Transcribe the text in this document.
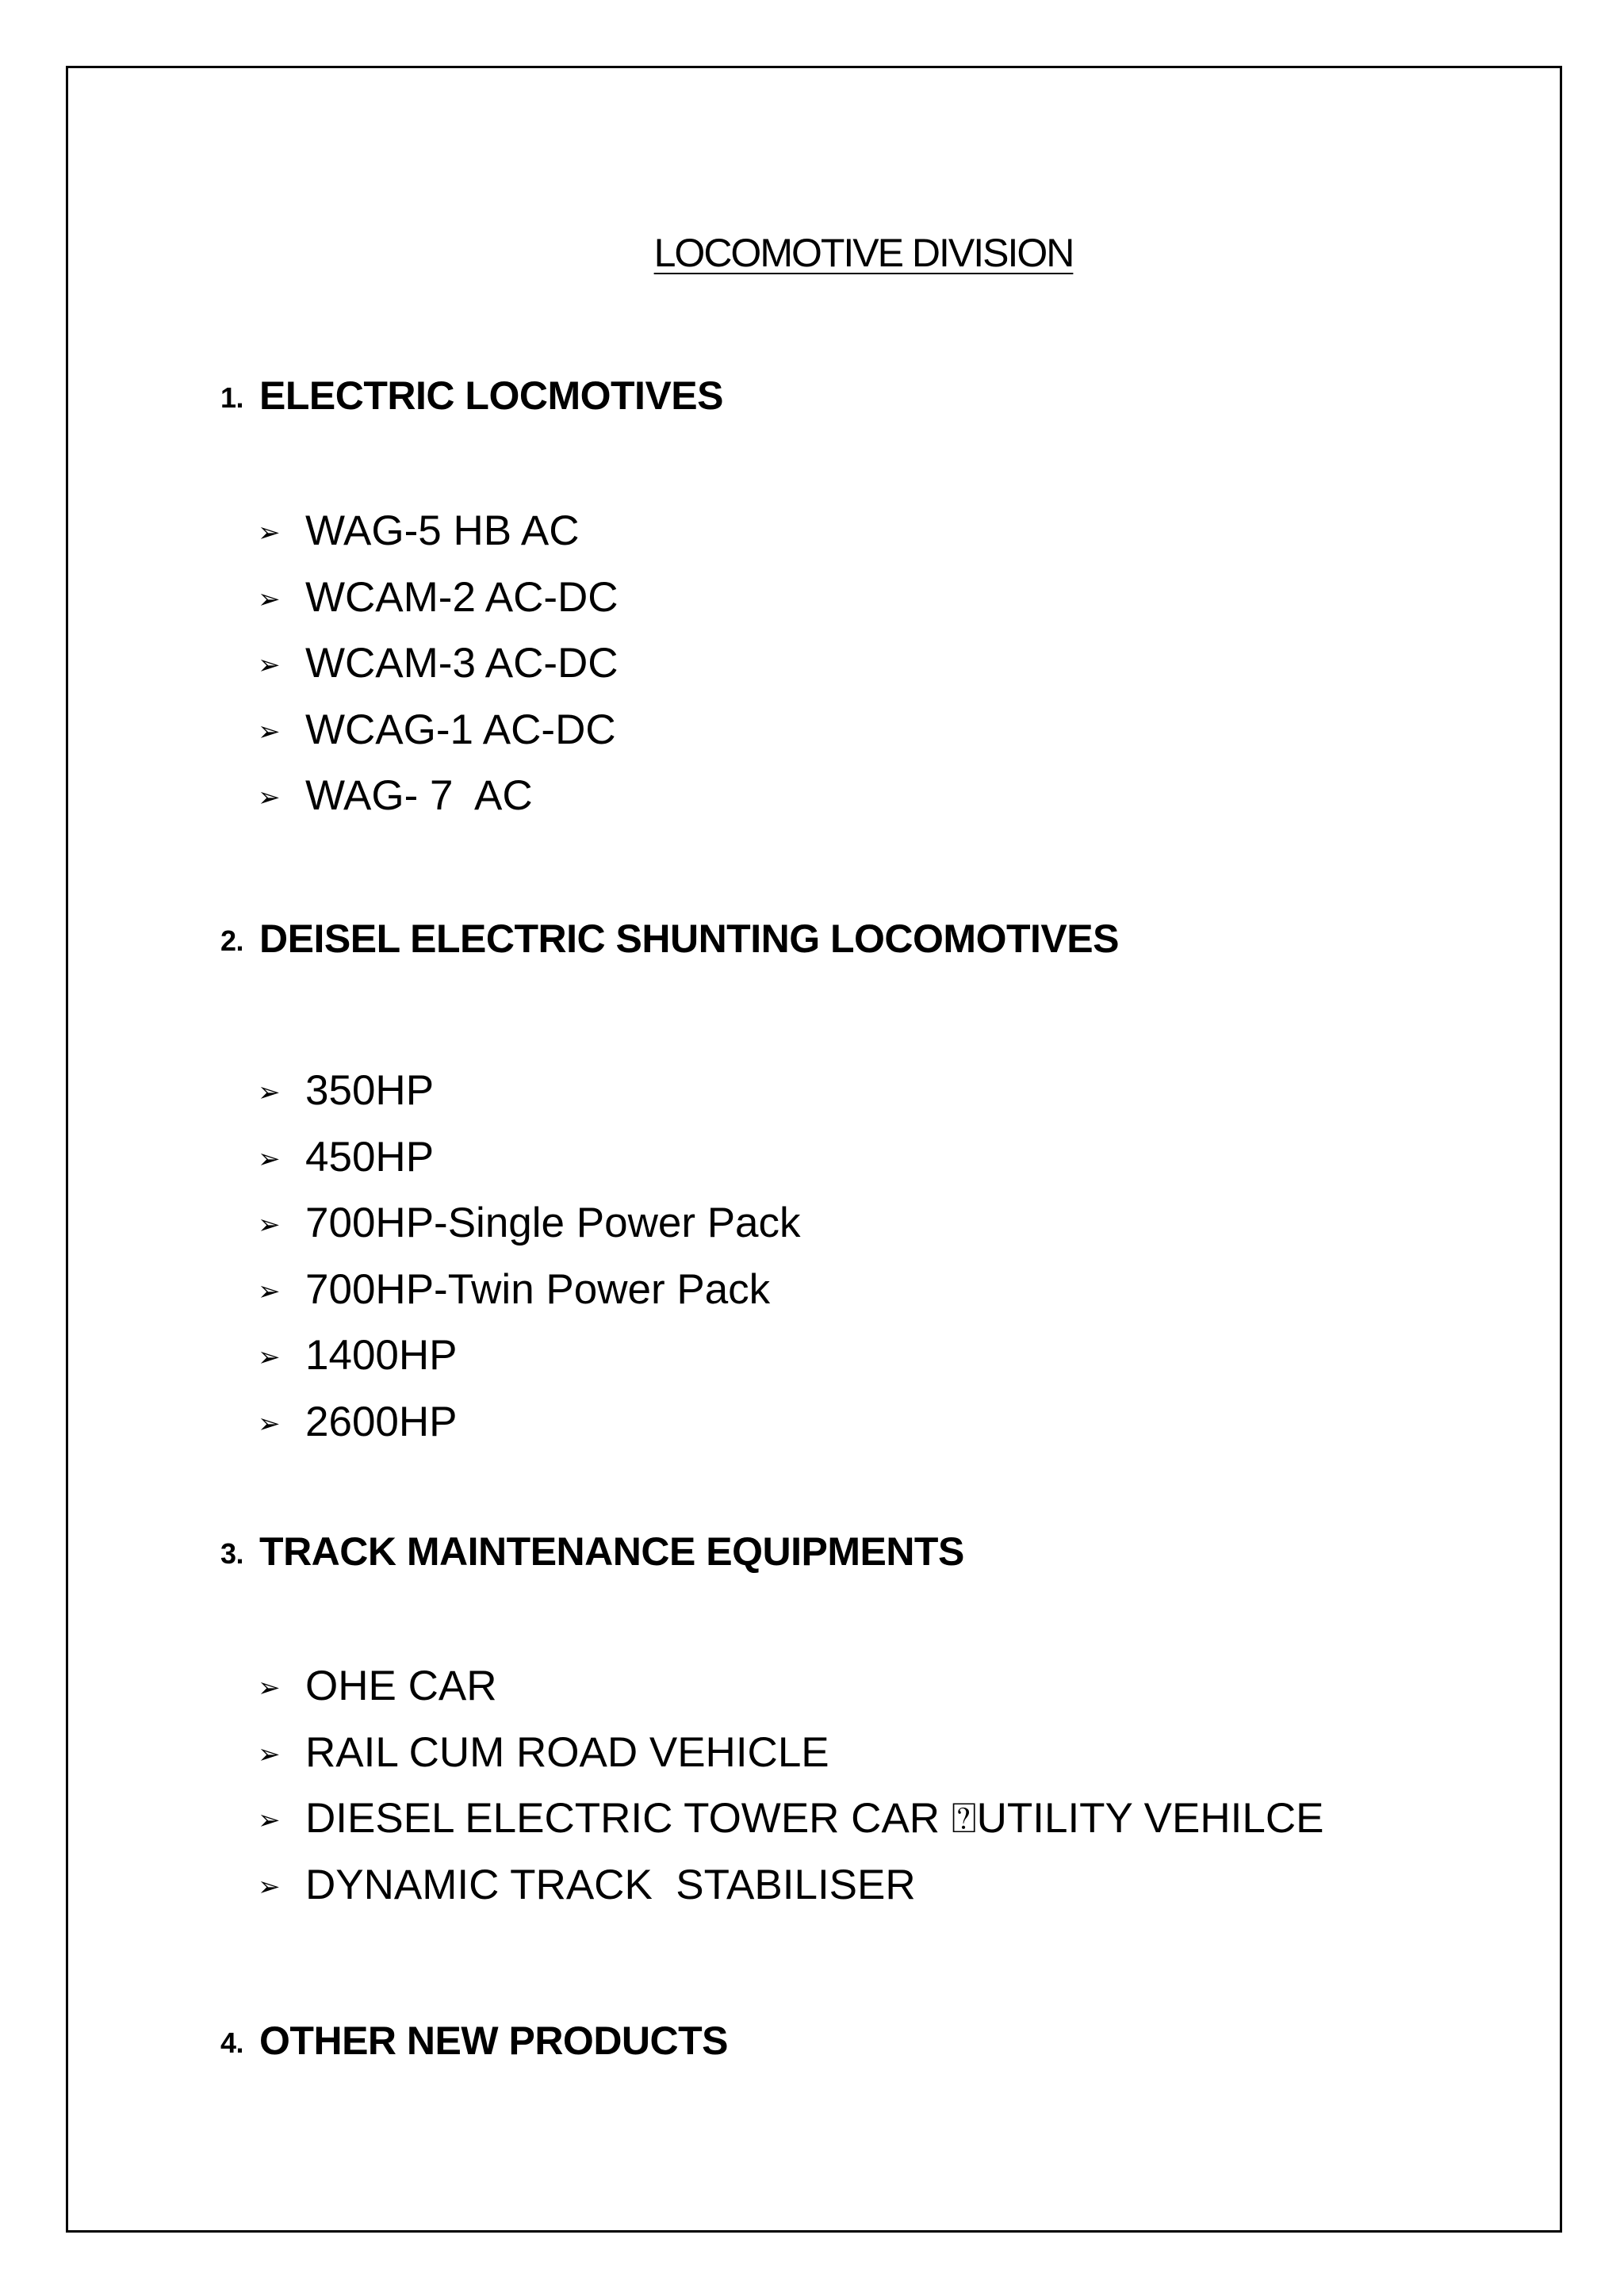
LOCOMOTIVE DIVISION
1. ELECTRIC LOCMOTIVES
➢ WAG-5 HB AC
➢ WCAM-2 AC-DC
➢ WCAM-3 AC-DC
➢ WCAG-1 AC-DC
➢ WAG- 7  AC
2. DEISEL ELECTRIC SHUNTING LOCOMOTIVES
➢ 350HP
➢ 450HP
➢ 700HP-Single Power Pack
➢ 700HP-Twin Power Pack
➢ 1400HP
➢ 2600HP
3. TRACK MAINTENANCE EQUIPMENTS
➢ OHE CAR
➢ RAIL CUM ROAD VEHICLE
➢ DIESEL ELECTRIC TOWER CAR ⍰UTILITY VEHILCE
➢ DYNAMIC TRACK  STABILISER
4. OTHER NEW PRODUCTS
